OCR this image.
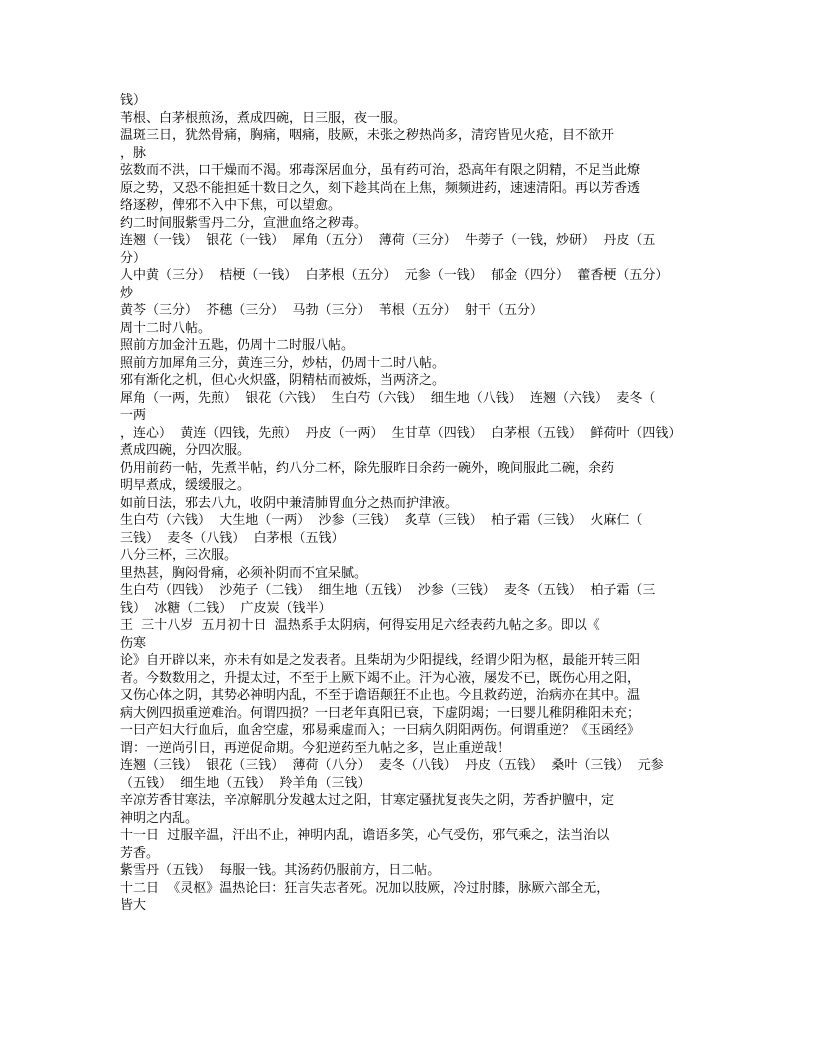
钱）
苇根、白茅根煎汤，煮成四碗，日三服，夜一服。
温斑三日，犹然骨痛，胸痛，咽痛，肢厥，未张之秽热尚多，清窍皆见火疮，目不欲开
，脉
弦数而不洪，口干燥而不渴。邪毒深居血分，虽有药可治，恐高年有限之阴精，不足当此燎
原之势，又恐不能担延十数日之久，刻下趁其尚在上焦，频频进药，速速清阳。再以芳香透
络逐秽，俾邪不入中下焦，可以望愈。
约二时间服紫雪丹二分，宣泄血络之秽毒。
连翘（一钱）  银花（一钱）  犀角（五分）  薄荷（三分）  牛蒡子（一钱，炒研）  丹皮（五
分）
人中黄（三分）  桔梗（一钱）  白茅根（五分）  元参（一钱）  郁金（四分）  藿香梗（五分）
炒
黄芩（三分）  芥穗（三分）  马勃（三分）  苇根（五分）  射干（五分）
周十二时八帖。
照前方加金汁五匙，仍周十二时服八帖。
照前方加犀角三分，黄连三分，炒枯，仍周十二时八帖。
邪有渐化之机，但心火炽盛，阴精枯而被烁，当两济之。
犀角（一两，先煎）  银花（六钱）  生白芍（六钱）  细生地（八钱）  连翘（六钱）  麦冬（
一两
，连心）  黄连（四钱，先煎）  丹皮（一两）  生甘草（四钱）  白茅根（五钱）  鲜荷叶（四钱）
煮成四碗，分四次服。
仍用前药一帖，先煮半帖，约八分二杯，除先服昨日余药一碗外，晚间服此二碗，余药
明早煮成，缓缓服之。
如前日法，邪去八九，收阴中兼清肺胃血分之热而护津液。
生白芍（六钱）  大生地（一两）  沙参（三钱）  炙草（三钱）  柏子霜（三钱）  火麻仁（
三钱）  麦冬（八钱）  白茅根（五钱）
八分三杯，三次服。
里热甚，胸闷骨痛，必须补阴而不宜呆腻。
生白芍（四钱）  沙苑子（二钱）  细生地（五钱）  沙参（三钱）  麦冬（五钱）  柏子霜（三
钱）  冰糖（二钱）  广皮炭（钱半）
王  三十八岁  五月初十日  温热系手太阴病，何得妄用足六经表药九帖之多。即以《
伤寒
论》自开辟以来，亦未有如是之发表者。且柴胡为少阳提线，经谓少阳为枢，最能开转三阳
者。今数数用之，升提太过，不至于上厥下竭不止。汗为心液，屡发不已，既伤心用之阳，
又伤心体之阴，其势必神明内乱，不至于谵语颠狂不止也。今且救药逆，治病亦在其中。温
病大例四损重逆难治。何谓四损？一曰老年真阳已衰，下虚阴竭；一曰婴儿稚阴稚阳未充；
一曰产妇大行血后，血舍空虚，邪易乘虚而入；一曰病久阴阳两伤。何谓重逆？《玉函经》
谓：一逆尚引日，再逆促命期。今犯逆药至九帖之多，岂止重逆哉！
连翘（三钱）  银花（三钱）  薄荷（八分）  麦冬（八钱）  丹皮（五钱）  桑叶（三钱）  元参
（五钱）  细生地（五钱）  羚羊角（三钱）
辛凉芳香甘寒法，辛凉解肌分发越太过之阳，甘寒定骚扰复丧失之阴，芳香护膻中，定
神明之内乱。
十一日  过服辛温，汗出不止，神明内乱，谵语多笑，心气受伤，邪气乘之，法当治以
芳香。
紫雪丹（五钱）  每服一钱。其汤药仍服前方，日二帖。
十二日  《灵枢》温热论曰：狂言失志者死。况加以肢厥，冷过肘膝，脉厥六部全无，
皆大
